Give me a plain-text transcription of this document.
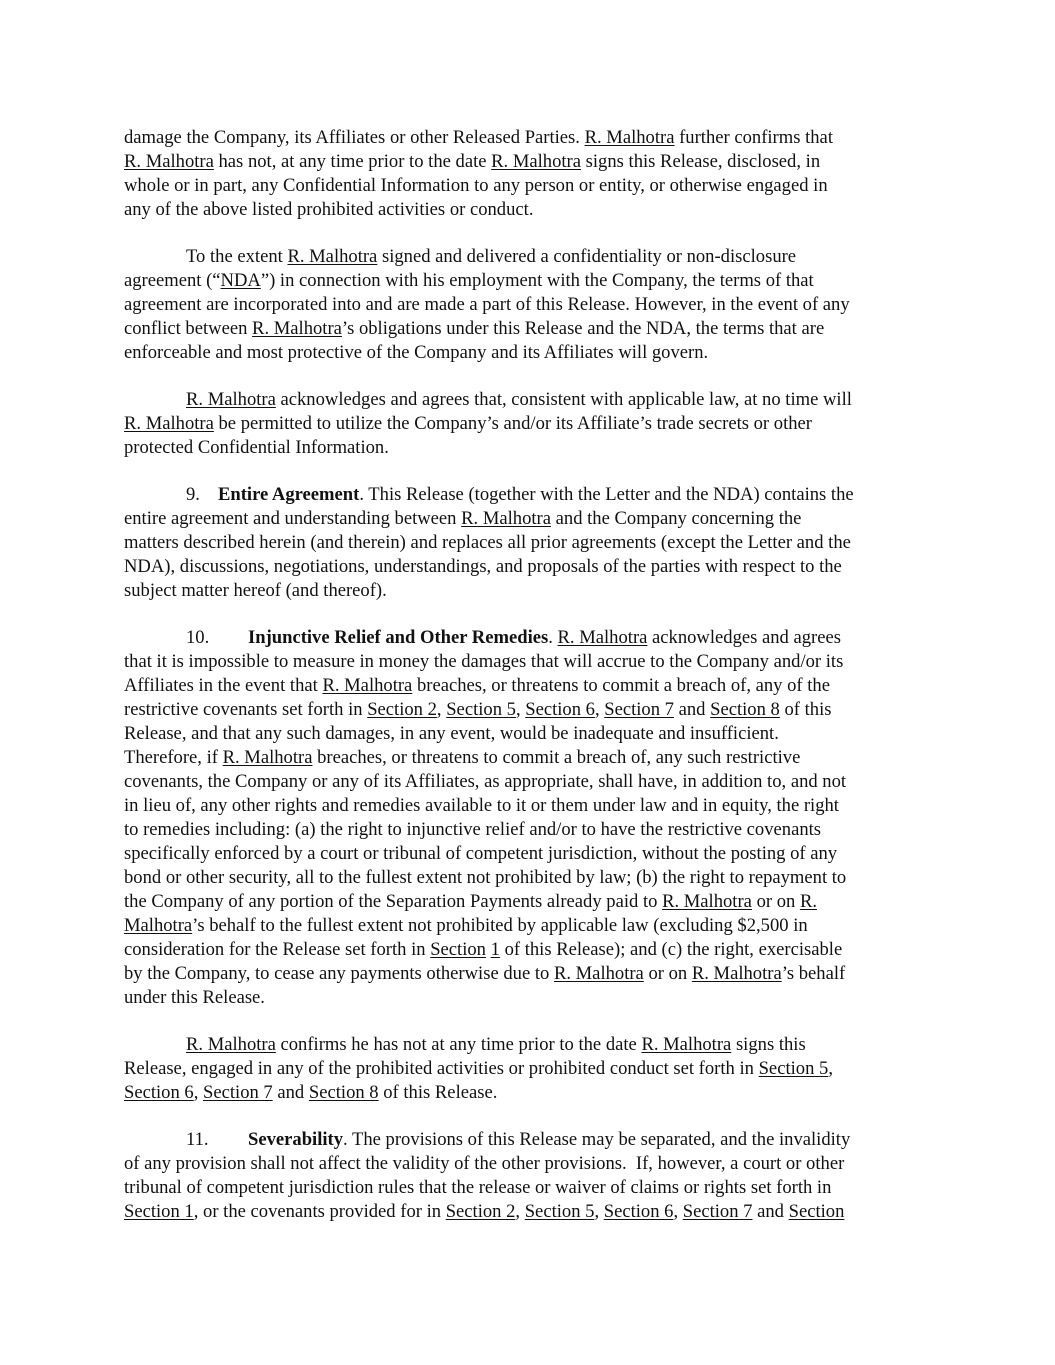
damage the Company, its Affiliates or other Released Parties. R. Malhotra further confirms that
R. Malhotra has not, at any time prior to the date R. Malhotra signs this Release, disclosed, in
whole or in part, any Confidential Information to any person or entity, or otherwise engaged in
any of the above listed prohibited activities or conduct.
To the extent R. Malhotra signed and delivered a confidentiality or non-disclosure
agreement (“NDA”) in connection with his employment with the Company, the terms of that
agreement are incorporated into and are made a part of this Release. However, in the event of any
conflict between R. Malhotra’s obligations under this Release and the NDA, the terms that are
enforceable and most protective of the Company and its Affiliates will govern.
R. Malhotra acknowledges and agrees that, consistent with applicable law, at no time will
R. Malhotra be permitted to utilize the Company’s and/or its Affiliate’s trade secrets or other
protected Confidential Information.
9. Entire Agreement. This Release (together with the Letter and the NDA) contains the
entire agreement and understanding between R. Malhotra and the Company concerning the
matters described herein (and therein) and replaces all prior agreements (except the Letter and the
NDA), discussions, negotiations, understandings, and proposals of the parties with respect to the
subject matter hereof (and thereof).
10. Injunctive Relief and Other Remedies. R. Malhotra acknowledges and agrees
that it is impossible to measure in money the damages that will accrue to the Company and/or its
Affiliates in the event that R. Malhotra breaches, or threatens to commit a breach of, any of the
restrictive covenants set forth in Section 2, Section 5, Section 6, Section 7 and Section 8 of this
Release, and that any such damages, in any event, would be inadequate and insufficient.
Therefore, if R. Malhotra breaches, or threatens to commit a breach of, any such restrictive
covenants, the Company or any of its Affiliates, as appropriate, shall have, in addition to, and not
in lieu of, any other rights and remedies available to it or them under law and in equity, the right
to remedies including: (a) the right to injunctive relief and/or to have the restrictive covenants
specifically enforced by a court or tribunal of competent jurisdiction, without the posting of any
bond or other security, all to the fullest extent not prohibited by law; (b) the right to repayment to
the Company of any portion of the Separation Payments already paid to R. Malhotra or on R.
Malhotra’s behalf to the fullest extent not prohibited by applicable law (excluding $2,500 in
consideration for the Release set forth in Section 1 of this Release); and (c) the right, exercisable
by the Company, to cease any payments otherwise due to R. Malhotra or on R. Malhotra’s behalf
under this Release.
R. Malhotra confirms he has not at any time prior to the date R. Malhotra signs this
Release, engaged in any of the prohibited activities or prohibited conduct set forth in Section 5,
Section 6, Section 7 and Section 8 of this Release.
11. Severability. The provisions of this Release may be separated, and the invalidity
of any provision shall not affect the validity of the other provisions.  If, however, a court or other
tribunal of competent jurisdiction rules that the release or waiver of claims or rights set forth in
Section 1, or the covenants provided for in Section 2, Section 5, Section 6, Section 7 and Section
